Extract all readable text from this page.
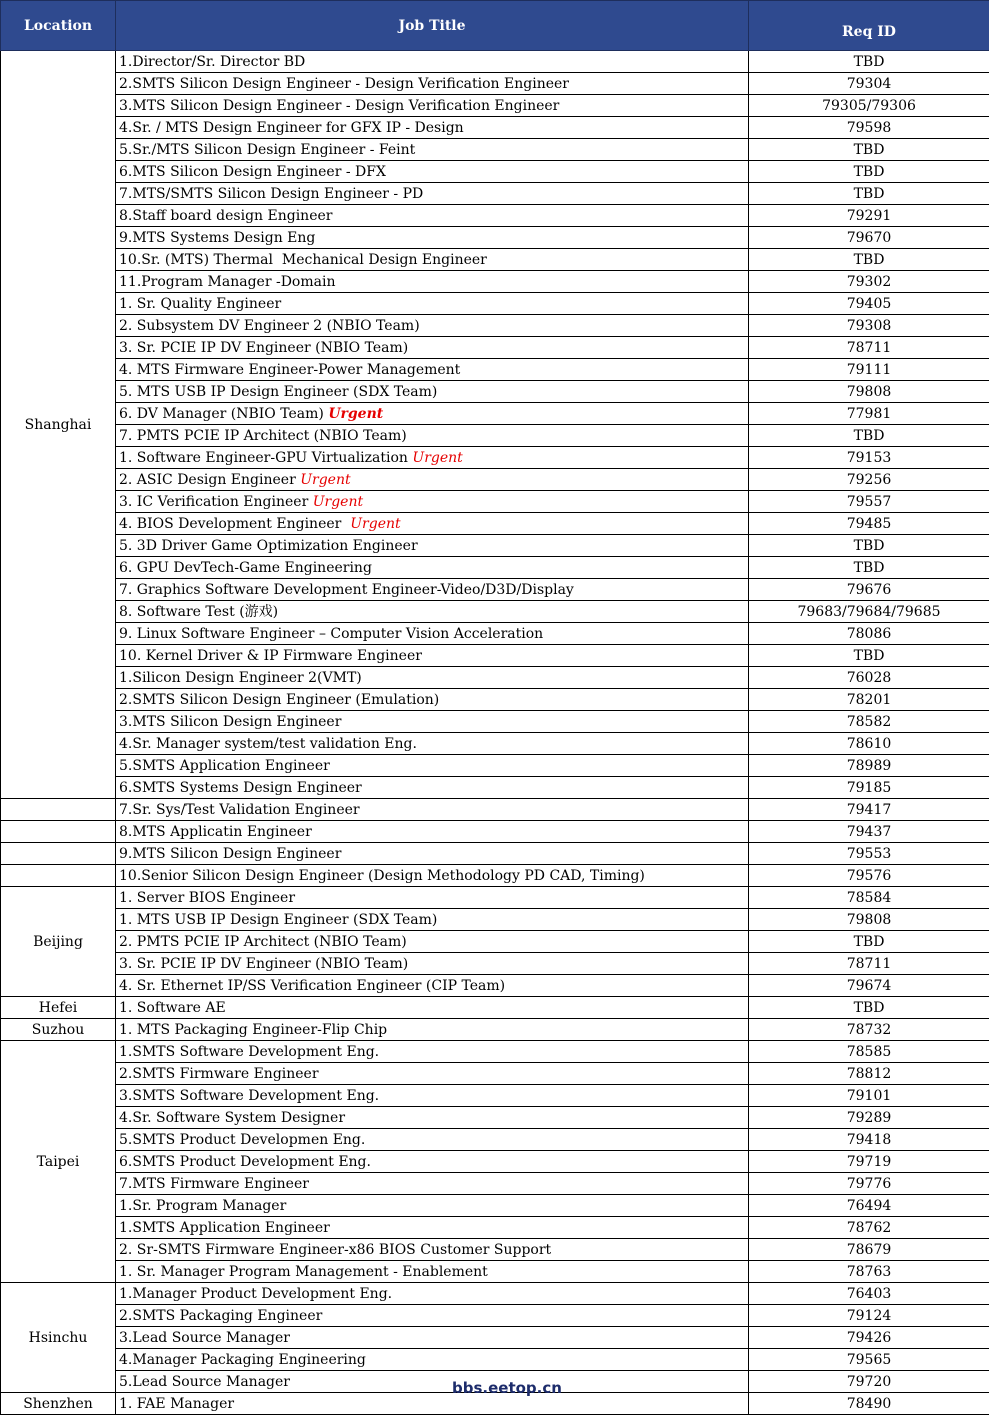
Location	Job Title	Req ID
Shanghai	1.Director/Sr. Director BD	TBD
	2.SMTS Silicon Design Engineer - Design Verification Engineer	79304
	3.MTS Silicon Design Engineer - Design Verification Engineer	79305/79306
	4.Sr. / MTS Design Engineer for GFX IP - Design	79598
	5.Sr./MTS Silicon Design Engineer - Feint	TBD
	6.MTS Silicon Design Engineer - DFX	TBD
	7.MTS/SMTS Silicon Design Engineer - PD	TBD
	8.Staff board design Engineer	79291
	9.MTS Systems Design Eng	79670
	10.Sr. (MTS) Thermal  Mechanical Design Engineer	TBD
	11.Program Manager -Domain	79302
	1. Sr. Quality Engineer	79405
	2. Subsystem DV Engineer 2 (NBIO Team)	79308
	3. Sr. PCIE IP DV Engineer (NBIO Team)	78711
	4. MTS Firmware Engineer-Power Management	79111
	5. MTS USB IP Design Engineer (SDX Team)	79808
	6. DV Manager (NBIO Team) Urgent	77981
	7. PMTS PCIE IP Architect (NBIO Team)	TBD
	1. Software Engineer-GPU Virtualization Urgent	79153
	2. ASIC Design Engineer Urgent	79256
	3. IC Verification Engineer Urgent	79557
	4. BIOS Development Engineer  Urgent	79485
	5. 3D Driver Game Optimization Engineer	TBD
	6. GPU DevTech-Game Engineering	TBD
	7. Graphics Software Development Engineer-Video/D3D/Display	79676
	8. Software Test (游戏)	79683/79684/79685
	9. Linux Software Engineer – Computer Vision Acceleration	78086
	10. Kernel Driver & IP Firmware Engineer	TBD
	1.Silicon Design Engineer 2(VMT)	76028
	2.SMTS Silicon Design Engineer (Emulation)	78201
	3.MTS Silicon Design Engineer	78582
	4.Sr. Manager system/test validation Eng.	78610
	5.SMTS Application Engineer	78989
	6.SMTS Systems Design Engineer	79185
	7.Sr. Sys/Test Validation Engineer	79417
	8.MTS Applicatin Engineer	79437
	9.MTS Silicon Design Engineer	79553
	10.Senior Silicon Design Engineer (Design Methodology PD CAD, Timing)	79576
Beijing	1. Server BIOS Engineer	78584
	1. MTS USB IP Design Engineer (SDX Team)	79808
	2. PMTS PCIE IP Architect (NBIO Team)	TBD
	3. Sr. PCIE IP DV Engineer (NBIO Team)	78711
	4. Sr. Ethernet IP/SS Verification Engineer (CIP Team)	79674
Hefei	1. Software AE	TBD
Suzhou	1. MTS Packaging Engineer-Flip Chip	78732
Taipei	1.SMTS Software Development Eng.	78585
	2.SMTS Firmware Engineer	78812
	3.SMTS Software Development Eng.	79101
	4.Sr. Software System Designer	79289
	5.SMTS Product Developmen Eng.	79418
	6.SMTS Product Development Eng.	79719
	7.MTS Firmware Engineer	79776
	1.Sr. Program Manager	76494
	1.SMTS Application Engineer	78762
	2. Sr-SMTS Firmware Engineer-x86 BIOS Customer Support	78679
	1. Sr. Manager Program Management - Enablement	78763
Hsinchu	1.Manager Product Development Eng.	76403
	2.SMTS Packaging Engineer	79124
	3.Lead Source Manager	79426
	4.Manager Packaging Engineering	79565
	5.Lead Source Manager	79720
Shenzhen	1. FAE Manager	78490
bbs.eetop.cn
